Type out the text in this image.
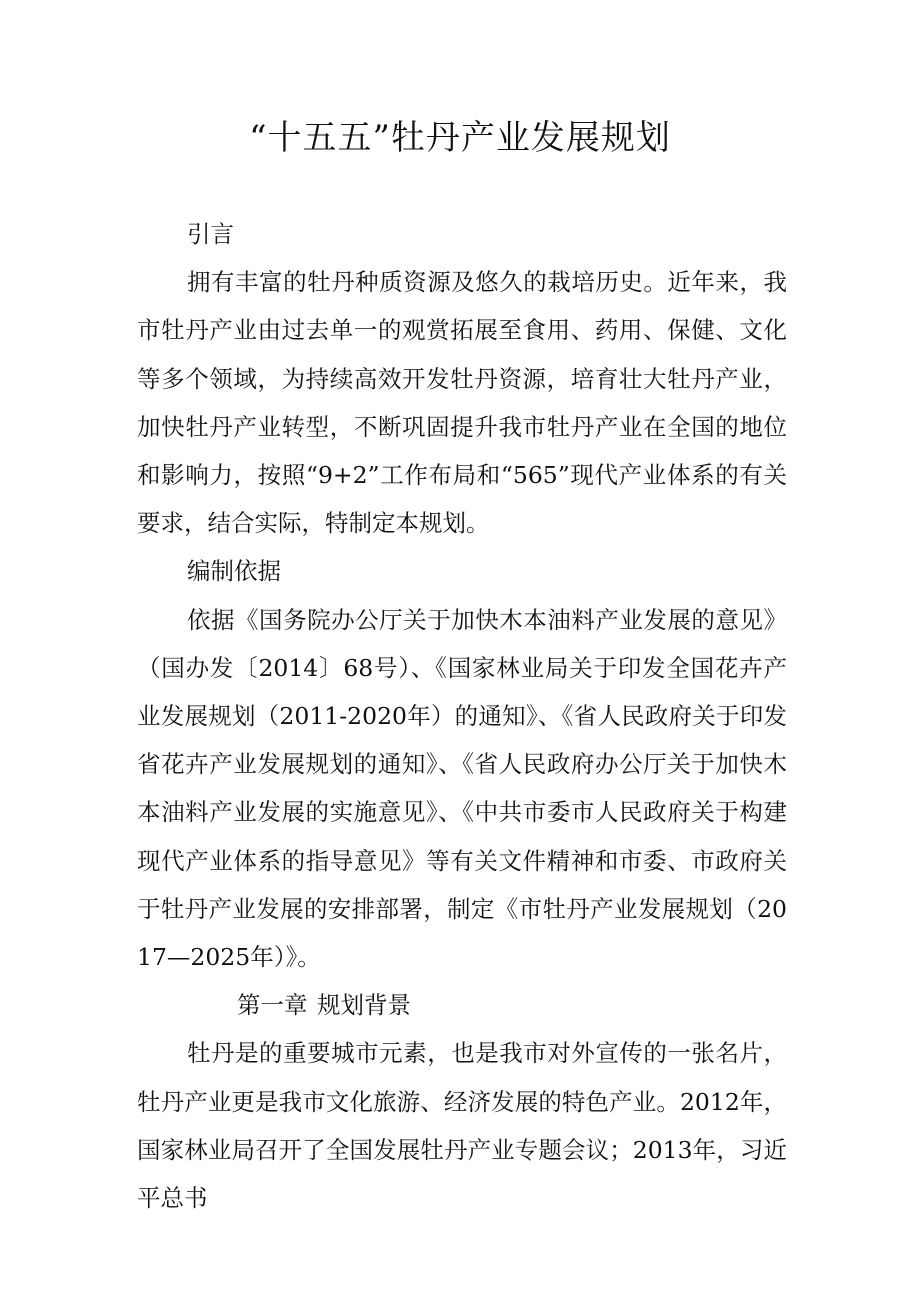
“十五五”牡丹产业发展规划

引言

拥有丰富的牡丹种质资源及悠久的栽培历史。近年来，我市牡丹产业由过去单一的观赏拓展至食用、药用、保健、文化等多个领域，为持续高效开发牡丹资源，培育壮大牡丹产业，加快牡丹产业转型，不断巩固提升我市牡丹产业在全国的地位和影响力，按照“9+2”工作布局和“565”现代产业体系的有关要求，结合实际，特制定本规划。

编制依据

依据《国务院办公厅关于加快木本油料产业发展的意见》（国办发〔2014〕68号）、《国家林业局关于印发全国花卉产业发展规划（2011-2020年）的通知》、《省人民政府关于印发省花卉产业发展规划的通知》、《省人民政府办公厅关于加快木本油料产业发展的实施意见》、《中共市委市人民政府关于构建现代产业体系的指导意见》等有关文件精神和市委、市政府关于牡丹产业发展的安排部署，制定《市牡丹产业发展规划（2017—2025年）》。

第一章 规划背景

牡丹是的重要城市元素，也是我市对外宣传的一张名片，牡丹产业更是我市文化旅游、经济发展的特色产业。2012年，国家林业局召开了全国发展牡丹产业专题会议；2013年，习近平总书
